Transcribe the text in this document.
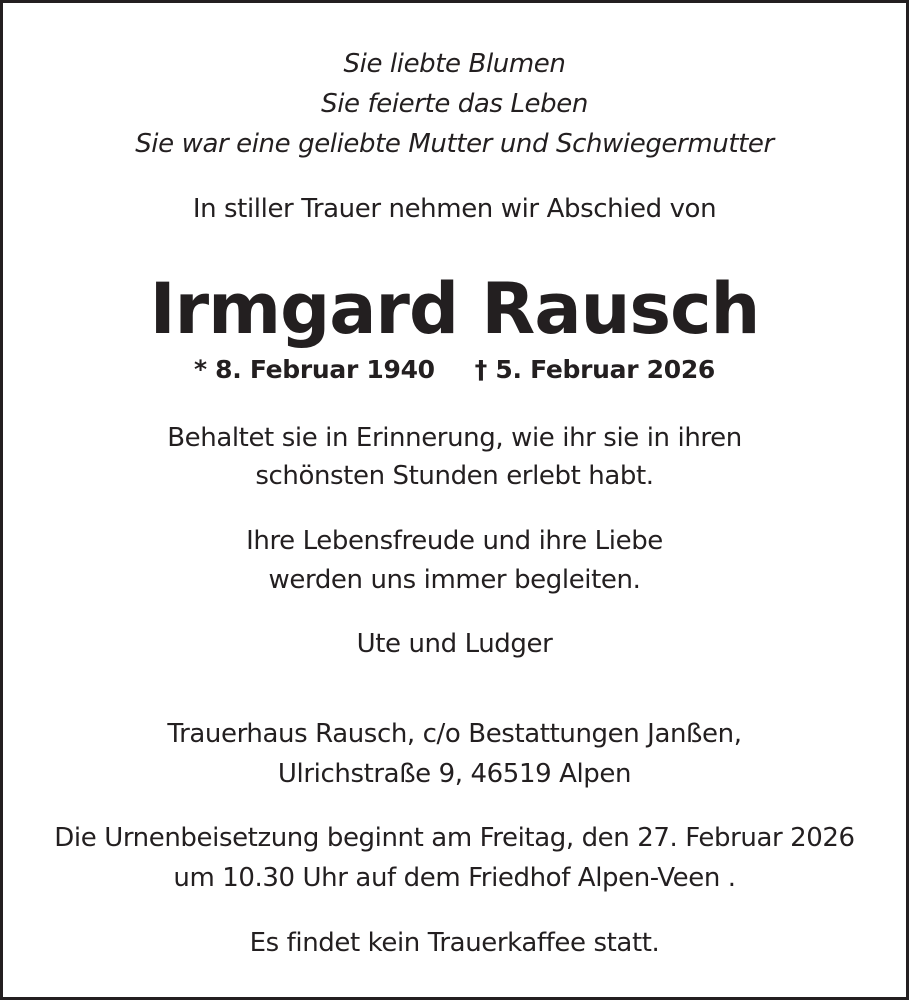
Sie liebte Blumen
Sie feierte das Leben
Sie war eine geliebte Mutter und Schwiegermutter
In stiller Trauer nehmen wir Abschied von
Irmgard Rausch
* 8. Februar 1940 † 5. Februar 2026
Behaltet sie in Erinnerung, wie ihr sie in ihren
schönsten Stunden erlebt habt.
Ihre Lebensfreude und ihre Liebe
werden uns immer begleiten.
Ute und Ludger
Trauerhaus Rausch, c/o Bestattungen Janßen,
Ulrichstraße 9, 46519 Alpen
Die Urnenbeisetzung beginnt am Freitag, den 27. Februar 2026
um 10.30 Uhr auf dem Friedhof Alpen-Veen .
Es findet kein Trauerkaffee statt.
